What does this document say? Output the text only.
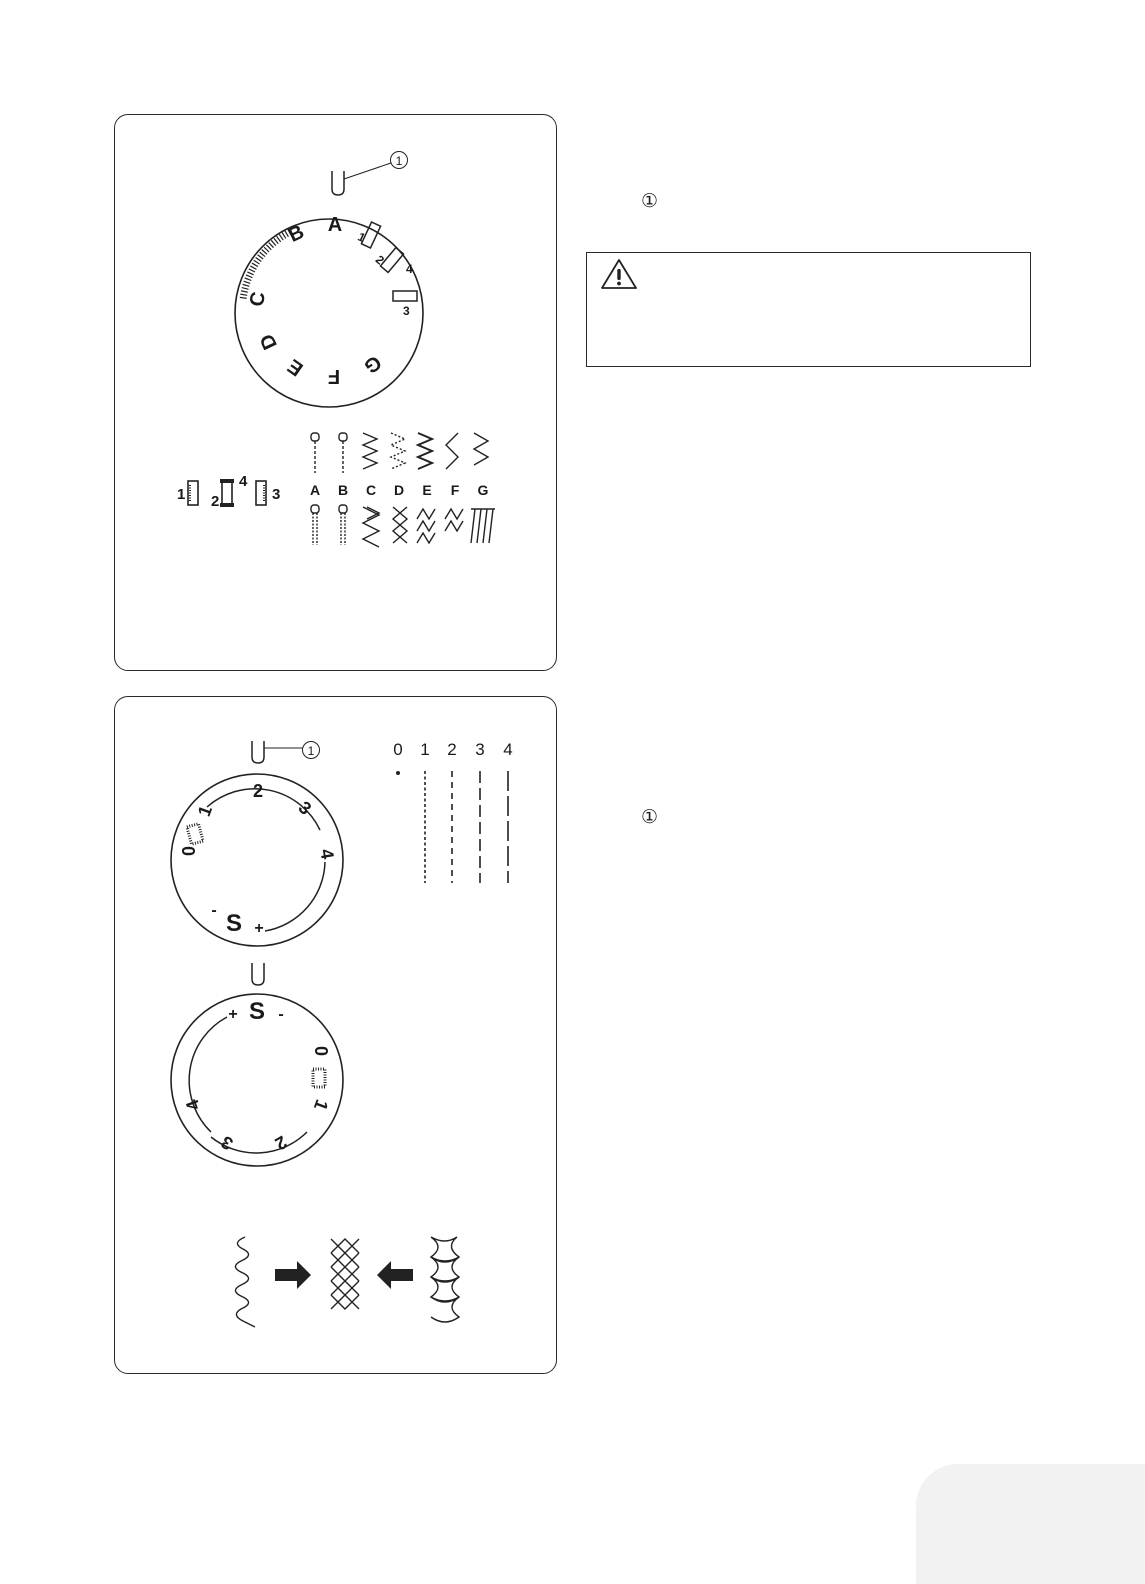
1
A
B
C
D
E F G
1
2
4
3
1 2
4
3 A B C D E F G
①
1	0 1 2 3 4
2
3
4
1
0
S +
-
S
+	-
0
1
2
3
4
①
